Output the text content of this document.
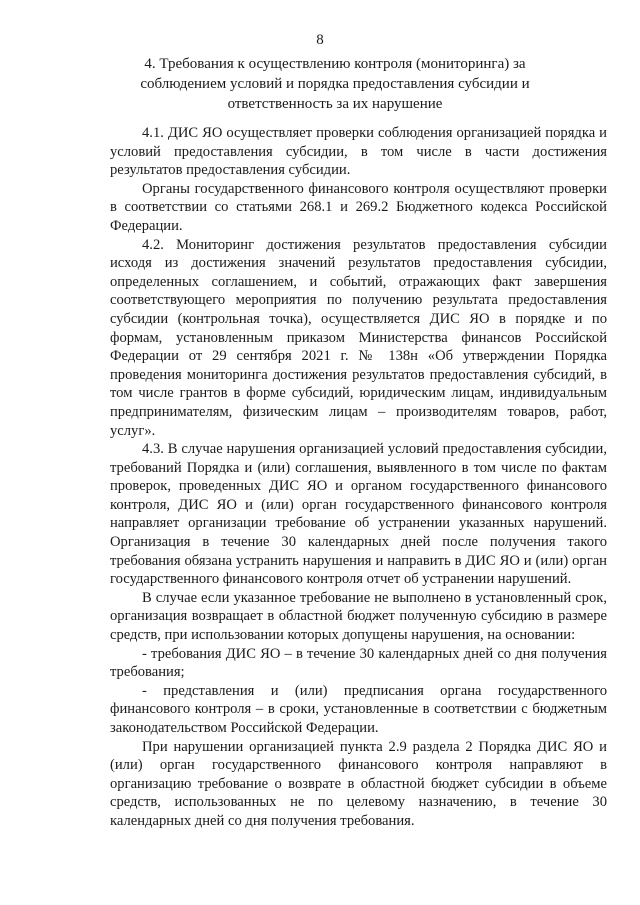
8
4. Требования к осуществлению контроля (мониторинга) за соблюдением условий и порядка предоставления субсидии и ответственность за их нарушение

4.1. ДИС ЯО осуществляет проверки соблюдения организацией порядка и условий предоставления субсидии, в том числе в части достижения результатов предоставления субсидии.

Органы государственного финансового контроля осуществляют проверки в соответствии со статьями 268.1 и 269.2 Бюджетного кодекса Российской Федерации.

4.2. Мониторинг достижения результатов предоставления субсидии исходя из достижения значений результатов предоставления субсидии, определенных соглашением, и событий, отражающих факт завершения соответствующего мероприятия по получению результата предоставления субсидии (контрольная точка), осуществляется ДИС ЯО в порядке и по формам, установленным приказом Министерства финансов Российской Федерации от 29 сентября 2021 г. № 138н «Об утверждении Порядка проведения мониторинга достижения результатов предоставления субсидий, в том числе грантов в форме субсидий, юридическим лицам, индивидуальным предпринимателям, физическим лицам – производителям товаров, работ, услуг».

4.3. В случае нарушения организацией условий предоставления субсидии, требований Порядка и (или) соглашения, выявленного в том числе по фактам проверок, проведенных ДИС ЯО и органом государственного финансового контроля, ДИС ЯО и (или) орган государственного финансового контроля направляет организации требование об устранении указанных нарушений. Организация в течение 30 календарных дней после получения такого требования обязана устранить нарушения и направить в ДИС ЯО и (или) орган государственного финансового контроля отчет об устранении нарушений.

В случае если указанное требование не выполнено в установленный срок, организация возвращает в областной бюджет полученную субсидию в размере средств, при использовании которых допущены нарушения, на основании:

- требования ДИС ЯО – в течение 30 календарных дней со дня получения требования;

- представления и (или) предписания органа государственного финансового контроля – в сроки, установленные в соответствии с бюджетным законодательством Российской Федерации.

При нарушении организацией пункта 2.9 раздела 2 Порядка ДИС ЯО и (или) орган государственного финансового контроля направляют в организацию требование о возврате в областной бюджет субсидии в объеме средств, использованных не по целевому назначению, в течение 30 календарных дней со дня получения требования.
